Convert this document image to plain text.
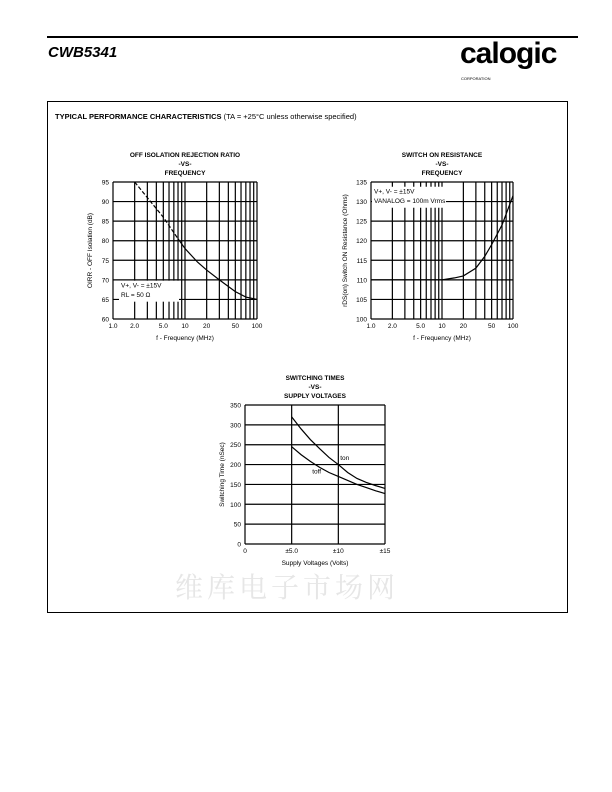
CWB5341	calogic
CORPORATION
TYPICAL PERFORMANCE CHARACTERISTICS (TA = +25°C unless otherwise specified)
维库电子市场网
OFF ISOLATION REJECTION RATIO
-VS-
FREQUENCY
60
65
70
75
80
85
90
95
1.0 2.0	5.0 10 20	50 100
f - Frequency (MHz)
OIRR - OFF Isolation (dB)	V+, V- = ±15V
RL = 50 Ω
SWITCH ON RESISTANCE
-VS-
FREQUENCY
100
105
110
115
120
125
130
135
1.0 2.0	5.0 10 20	50 100
f - Frequency (MHz)
rDS(on) Switch ON Resistance (Ohms)
V+, V- = ±15V
VANALOG = 100m Vrms
SWITCHING TIMES
-VS-
SUPPLY VOLTAGES
0
50
100
150
200
250
300
350
0	±5.0	±10	±15
Supply Voltages (Volts)
Switching Time (nSec)	ton
toff
